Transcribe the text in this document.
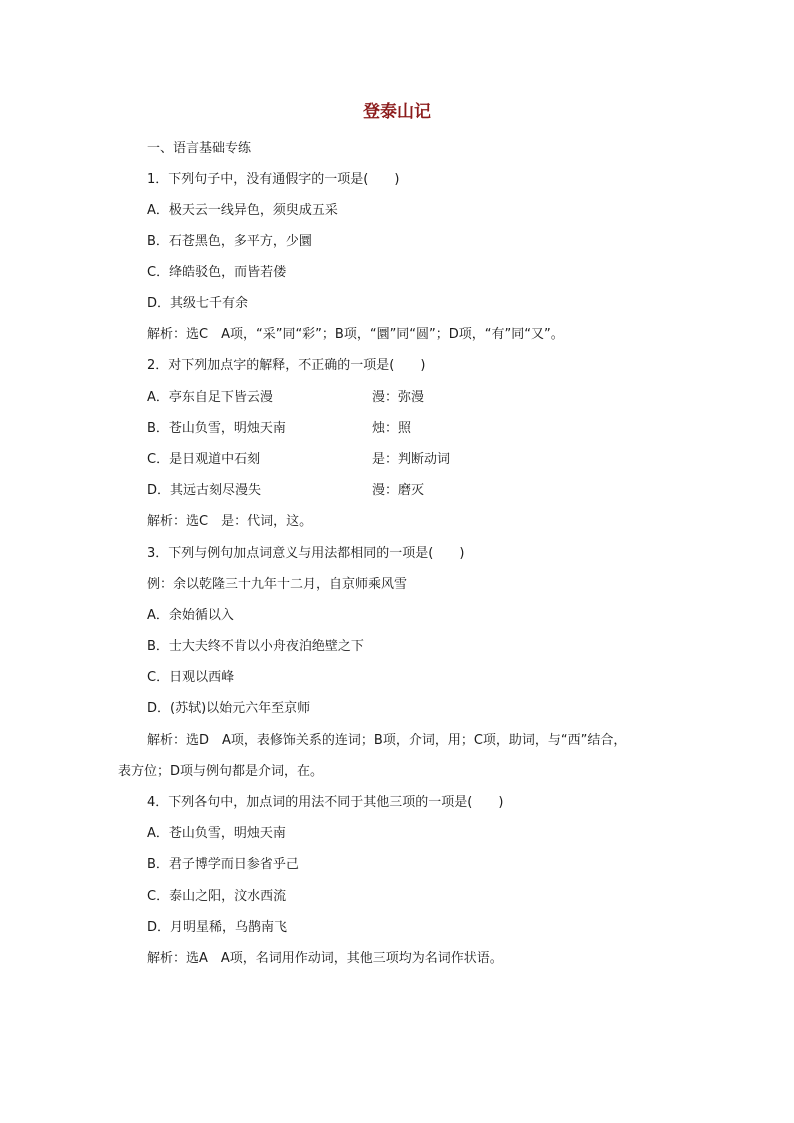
登泰山记
一、语言基础专练
1．下列句子中，没有通假字的一项是(　　)
A．极天云一线异色，须臾成五采
B．石苍黑色，多平方，少圜
C．绛皓驳色，而皆若偻
D．其级七千有余
解析：选C　A项，“采”同“彩”；B项，“圜”同“圆”；D项，“有”同“又”。
2．对下列加点字的解释，不正确的一项是(　　)
A．亭东自足下皆云漫	漫：弥漫
B．苍山负雪，明烛天南	烛：照
C．是日观道中石刻	是：判断动词
D．其远古刻尽漫失	漫：磨灭
解析：选C　是：代词，这。
3．下列与例句加点词意义与用法都相同的一项是(　　)
例：余以乾隆三十九年十二月，自京师乘风雪
A．余始循以入
B．士大夫终不肯以小舟夜泊绝壁之下
C．日观以西峰
D．(苏轼)以始元六年至京师
解析：选D　A项，表修饰关系的连词；B项，介词，用；C项，助词，与“西”结合，
表方位；D项与例句都是介词，在。
4．下列各句中，加点词的用法不同于其他三项的一项是(　　)
A．苍山负雪，明烛天南
B．君子博学而日参省乎己
C．泰山之阳，汶水西流
D．月明星稀，乌鹊南飞
解析：选A　A项，名词用作动词，其他三项均为名词作状语。
